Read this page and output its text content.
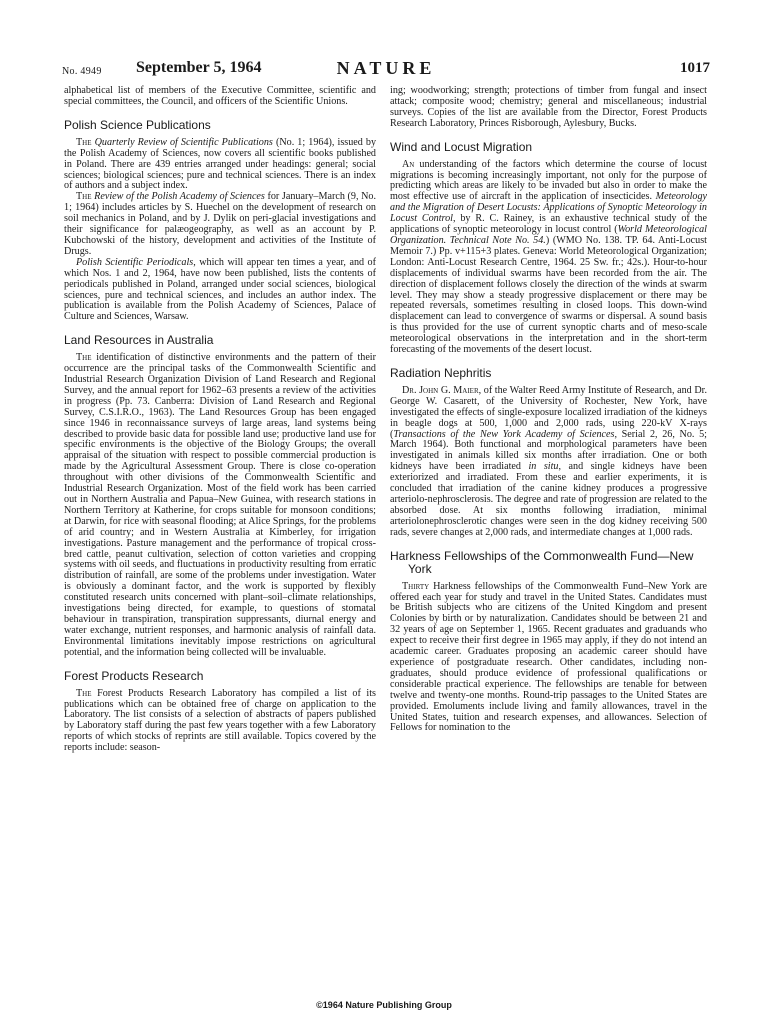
No. 4949 September 5, 1964	NATURE	1017

alphabetical list of members of the Executive Committee, scientific and special committees, the Council, and officers of the Scientific Unions.

Polish Science Publications

The Quarterly Review of Scientific Publications (No. 1; 1964), issued by the Polish Academy of Sciences, now covers all scientific books published in Poland. There are 439 entries arranged under headings: general; social sciences; biological sciences; pure and technical sciences. There is an index of authors and a subject index.

The Review of the Polish Academy of Sciences for January–March (9, No. 1; 1964) includes articles by S. Huechel on the development of research on soil mechanics in Poland, and by J. Dylik on peri-glacial investigations and their significance for palæogeography, as well as an account by P. Kubchowski of the history, development and activities of the Institute of Drugs.

Polish Scientific Periodicals, which will appear ten times a year, and of which Nos. 1 and 2, 1964, have now been published, lists the contents of periodicals published in Poland, arranged under social sciences, biological sciences, pure and technical sciences, and includes an author index. The publication is available from the Polish Academy of Sciences, Palace of Culture and Sciences, Warsaw.

Land Resources in Australia

The identification of distinctive environments and the pattern of their occurrence are the principal tasks of the Commonwealth Scientific and Industrial Research Organization Division of Land Research and Regional Survey, and the annual report for 1962–63 presents a review of the activities in progress (Pp. 73. Canberra: Division of Land Research and Regional Survey, C.S.I.R.O., 1963). The Land Resources Group has been engaged since 1946 in reconnaissance surveys of large areas, land systems being described to provide basic data for possible land use; productive land use for specific environments is the objective of the Biology Groups; the overall appraisal of the situation with respect to possible commercial production is made by the Agricultural Assessment Group. There is close co-operation throughout with other divisions of the Commonwealth Scientific and Industrial Research Organization. Most of the field work has been carried out in Northern Australia and Papua–New Guinea, with research stations in Northern Territory at Katherine, for crops suitable for monsoon conditions; at Darwin, for rice with seasonal flooding; at Alice Springs, for the problems of arid country; and in Western Australia at Kimberley, for irrigation investigations. Pasture management and the performance of tropical cross-bred cattle, peanut cultivation, selection of cotton varieties and cropping systems with oil seeds, and fluctuations in productivity resulting from erratic distribution of rainfall, are some of the problems under investigation. Water is obviously a dominant factor, and the work is supported by flexibly constituted research units concerned with plant–soil–climate relationships, investigations being directed, for example, to questions of stomatal behaviour in transpiration, transpiration suppressants, diurnal energy and water exchange, nutrient responses, and harmonic analysis of rainfall data. Environmental limitations inevitably impose restrictions on agricultural potential, and the information being collected will be invaluable.

Forest Products Research

The Forest Products Research Laboratory has compiled a list of its publications which can be obtained free of charge on application to the Laboratory. The list consists of a selection of abstracts of papers published by Laboratory staff during the past few years together with a few Laboratory reports of which stocks of reprints are still available. Topics covered by the reports include: season-

ing; woodworking; strength; protections of timber from fungal and insect attack; composite wood; chemistry; general and miscellaneous; industrial surveys. Copies of the list are available from the Director, Forest Products Research Laboratory, Princes Risborough, Aylesbury, Bucks.

Wind and Locust Migration

An understanding of the factors which determine the course of locust migrations is becoming increasingly important, not only for the purpose of predicting which areas are likely to be invaded but also in order to make the most effective use of aircraft in the application of insecticides. Meteorology and the Migration of Desert Locusts: Applications of Synoptic Meteorology in Locust Control, by R. C. Rainey, is an exhaustive technical study of the applications of synoptic meteorology in locust control (World Meteorological Organization. Technical Note No. 54.) (WMO No. 138. TP. 64. Anti-Locust Memoir 7.) Pp. v+115+3 plates. Geneva: World Meteorological Organization; London: Anti-Locust Research Centre, 1964. 25 Sw. fr.; 42s.). Hour-to-hour displacements of individual swarms have been recorded from the air. The direction of displacement follows closely the direction of the winds at swarm level. They may show a steady progressive displacement or there may be repeated reversals, sometimes resulting in closed loops. This down-wind displacement can lead to convergence of swarms or dispersal. A sound basis is thus provided for the use of current synoptic charts and of meso-scale meteorological observations in the interpretation and in the short-term forecasting of the movements of the desert locust.

Radiation Nephritis

Dr. John G. Maier, of the Walter Reed Army Institute of Research, and Dr. George W. Casarett, of the University of Rochester, New York, have investigated the effects of single-exposure localized irradiation of the kidneys in beagle dogs at 500, 1,000 and 2,000 rads, using 220-kV X-rays (Transactions of the New York Academy of Sciences, Serial 2, 26, No. 5; March 1964). Both functional and morphological parameters have been investigated in animals killed six months after irradiation. One or both kidneys have been irradiated in situ, and single kidneys have been exteriorized and irradiated. From these and earlier experiments, it is concluded that irradiation of the canine kidney produces a progressive arteriolo-nephrosclerosis. The degree and rate of progression are related to the absorbed dose. At six months following irradiation, minimal arteriolonephrosclerotic changes were seen in the dog kidney receiving 500 rads, severe changes at 2,000 rads, and intermediate changes at 1,000 rads.

Harkness Fellowships of the Commonwealth Fund—New York

Thirty Harkness fellowships of the Commonwealth Fund–New York are offered each year for study and travel in the United States. Candidates must be British subjects who are citizens of the United Kingdom and present Colonies by birth or by naturalization. Candidates should be between 21 and 32 years of age on September 1, 1965. Recent graduates and graduands who expect to receive their first degree in 1965 may apply, if they do not intend an academic career. Graduates proposing an academic career should have experience of postgraduate research. Other candidates, including non-graduates, should produce evidence of professional qualifications or considerable practical experience. The fellowships are tenable for between twelve and twenty-one months. Round-trip passages to the United States are provided. Emoluments include living and family allowances, travel in the United States, tuition and research expenses, and allowances. Selection of Fellows for nomination to the

©1964 Nature Publishing Group
